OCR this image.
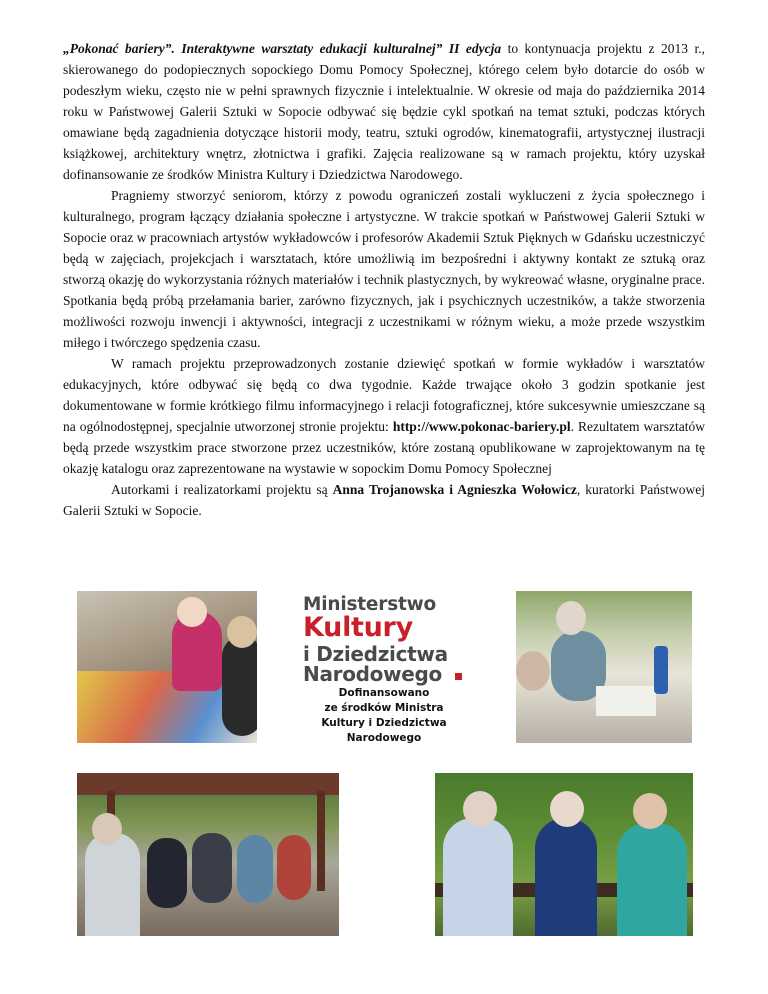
„Pokonać bariery”. Interaktywne warsztaty edukacji kulturalnej” II edycja to kontynuacja projektu z 2013 r., skierowanego do podopiecznych sopockiego Domu Pomocy Społecznej, którego celem było dotarcie do osób w podeszłym wieku, często nie w pełni sprawnych fizycznie i intelektualnie. W okresie od maja do października 2014 roku w Państwowej Galerii Sztuki w Sopocie odbywać się będzie cykl spotkań na temat sztuki, podczas których omawiane będą zagadnienia dotyczące historii mody, teatru, sztuki ogrodów, kinematografii, artystycznej ilustracji książkowej, architektury wnętrz, złotnictwa i grafiki. Zajęcia realizowane są w ramach projektu, który uzyskał dofinansowanie ze środków Ministra Kultury i Dziedzictwa Narodowego.

Pragniemy stworzyć seniorom, którzy z powodu ograniczeń zostali wykluczeni z życia społecznego i kulturalnego, program łączący działania społeczne i artystyczne. W trakcie spotkań w Państwowej Galerii Sztuki w Sopocie oraz w pracowniach artystów wykładowców i profesorów Akademii Sztuk Pięknych w Gdańsku uczestniczyć będą w zajęciach, projekcjach i warsztatach, które umożliwią im bezpośredni i aktywny kontakt ze sztuką oraz stworzą okazję do wykorzystania różnych materiałów i technik plastycznych, by wykreować własne, oryginalne prace. Spotkania będą próbą przełamania barier, zarówno fizycznych, jak i psychicznych uczestników, a także stworzenia możliwości rozwoju inwencji i aktywności, integracji z uczestnikami w różnym wieku, a może przede wszystkim miłego i twórczego spędzenia czasu.

W ramach projektu przeprowadzonych zostanie dziewięć spotkań w formie wykładów i warsztatów edukacyjnych, które odbywać się będą co dwa tygodnie. Każde trwające około 3 godzin spotkanie jest dokumentowane w formie krótkiego filmu informacyjnego i relacji fotograficznej, które sukcesywnie umieszczane są na ogólnodostępnej, specjalnie utworzonej stronie projektu: http://www.pokonac-bariery.pl. Rezultatem warsztatów będą przede wszystkim prace stworzone przez uczestników, które zostaną opublikowane w zaprojektowanym na tę okazję katalogu oraz zaprezentowane na wystawie w sopockim Domu Pomocy Społecznej

Autorkami i realizatorkami projektu są Anna Trojanowska i Agnieszka Wołowicz, kuratorki Państwowej Galerii Sztuki w Sopocie.

Ministerstwo
Kultury
i Dziedzictwa
Narodowego
Dofinansowano
ze środków Ministra
Kultury i Dziedzictwa
Narodowego
